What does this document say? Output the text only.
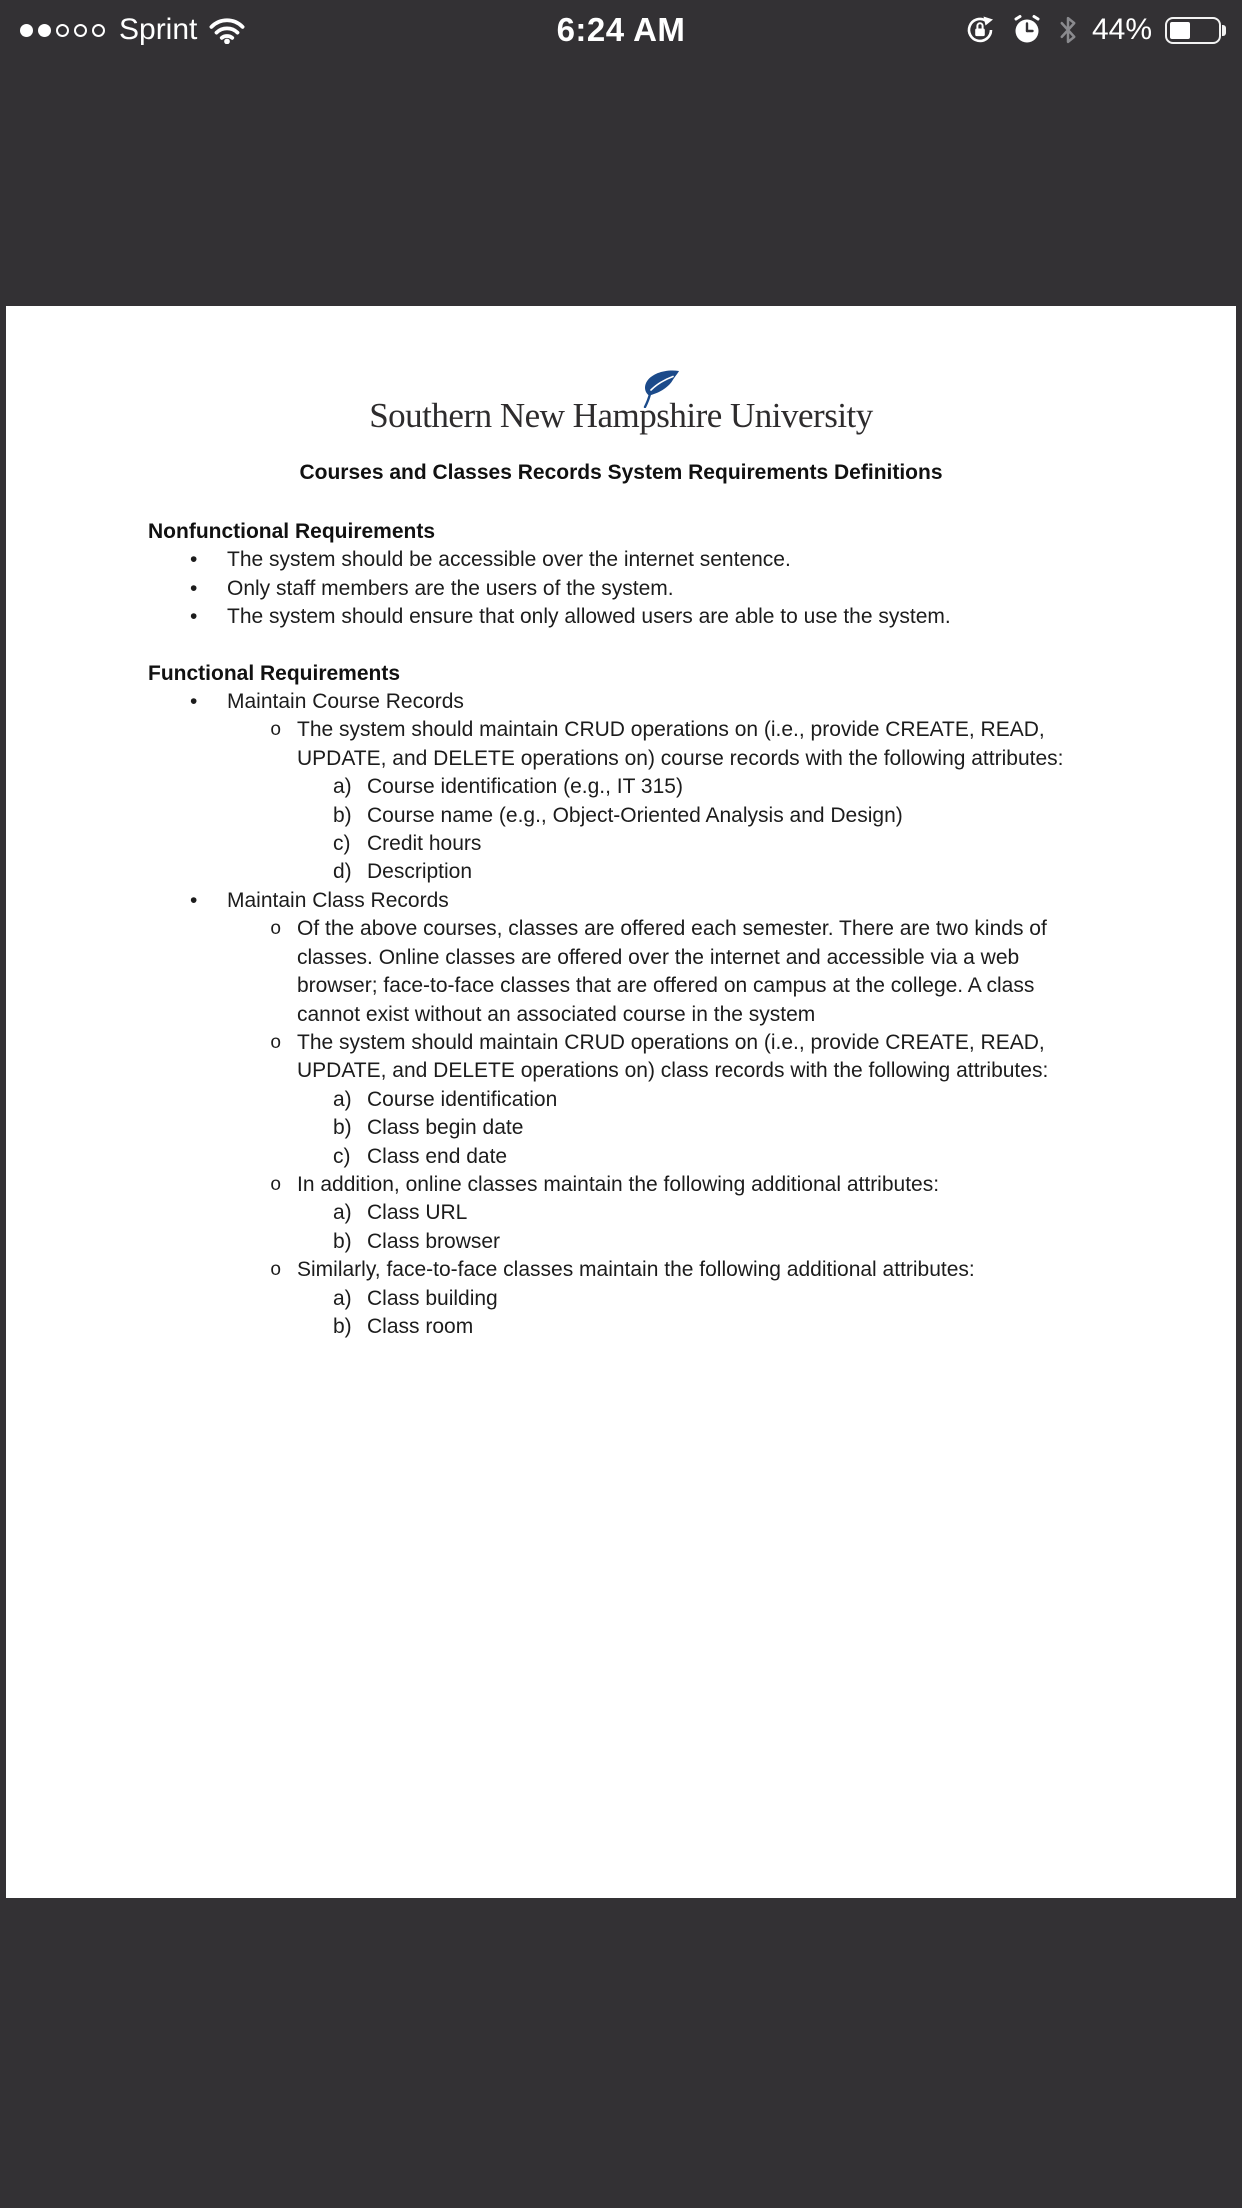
Sprint	6:24 AM	44%
Southern New Hampshire University
Courses and Classes Records System Requirements Definitions
Nonfunctional Requirements
• The system should be accessible over the internet sentence.
• Only staff members are the users of the system.
• The system should ensure that only allowed users are able to use the system.
Functional Requirements
• Maintain Course Records
o The system should maintain CRUD operations on (i.e., provide CREATE, READ, UPDATE, and DELETE operations on) course records with the following attributes:
a) Course identification (e.g., IT 315)
b) Course name (e.g., Object-Oriented Analysis and Design)
c) Credit hours
d) Description
• Maintain Class Records
o Of the above courses, classes are offered each semester. There are two kinds of classes. Online classes are offered over the internet and accessible via a web browser; face-to-face classes that are offered on campus at the college. A class cannot exist without an associated course in the system
o The system should maintain CRUD operations on (i.e., provide CREATE, READ, UPDATE, and DELETE operations on) class records with the following attributes:
a) Course identification
b) Class begin date
c) Class end date
o In addition, online classes maintain the following additional attributes:
a) Class URL
b) Class browser
o Similarly, face-to-face classes maintain the following additional attributes:
a) Class building
b) Class room
